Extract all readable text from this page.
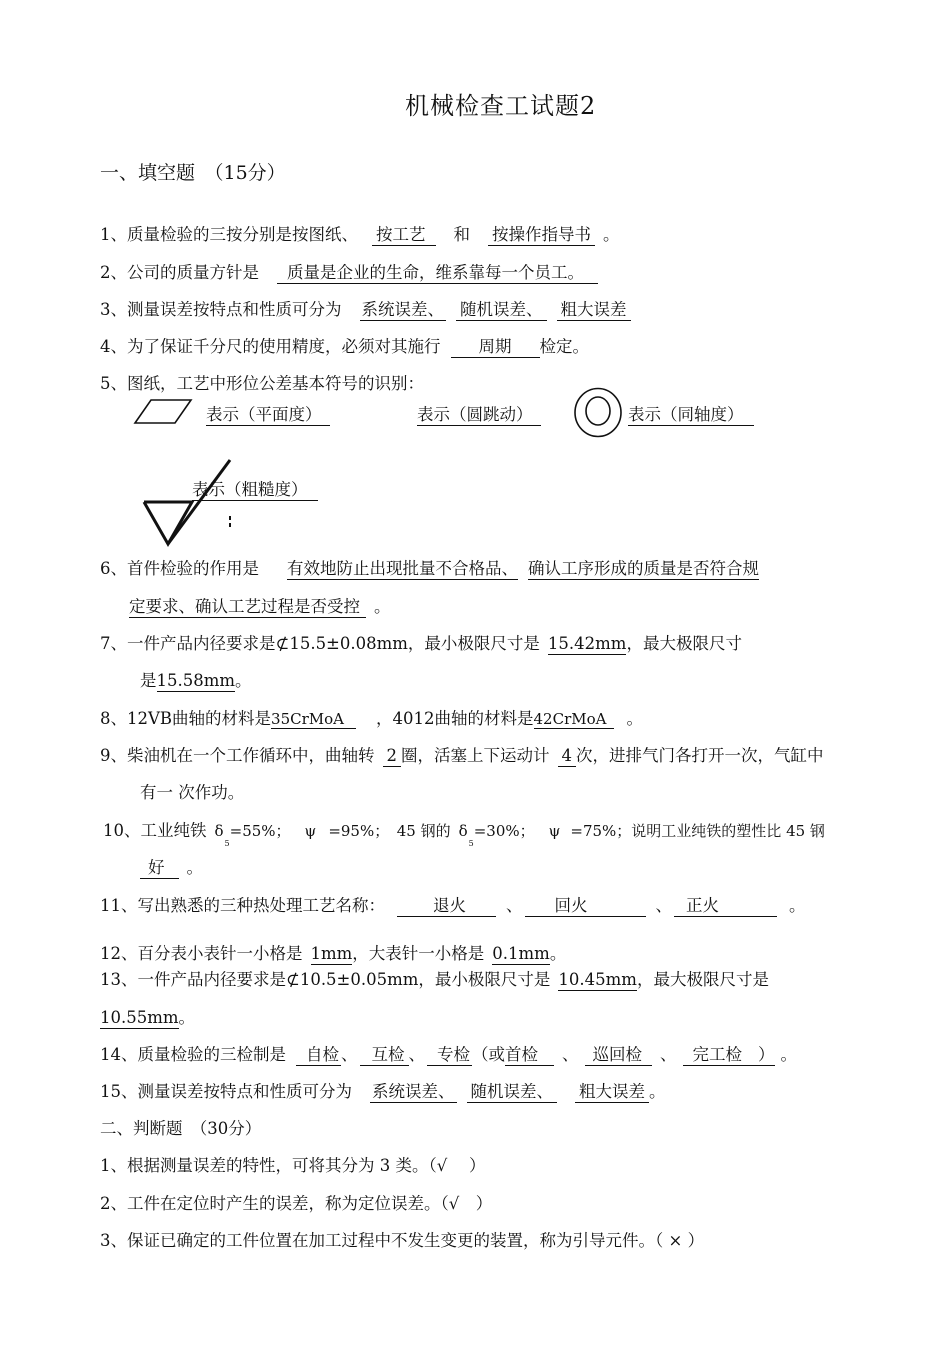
机械检查工试题2
一、填空题　（15分）
1、质量检验的三按分别是按图纸、 按工艺 和 按操作指导书 。
2、公司的质量方针是 质量是企业的生命，维系靠每一个员工。
3、测量误差按特点和性质可分为 系统误差、 随机误差、 粗大误差
4、为了保证千分尺的使用精度，必须对其施行 周期 检定。
5、图纸，工艺中形位公差基本符号的识别：
表示（平面度）	表示（圆跳动）	表示（同轴度）
表示（粗糙度）
6、首件检验的作用是 有效地防止出现批量不合格品、 确认工序形成的质量是否符合规
定要求、确认工艺过程是否受控 。
7、一件产品内径要求是⊄15.5±0.08mm，最小极限尺寸是 15.42mm，最大极限尺寸
是15.58mm。
8、12VB曲轴的材料是35CrMoA ，4012曲轴的材料是42CrMoA 。
9、柴油机在一个工作循环中，曲轴转 2 圈，活塞上下运动计 4 次，进排气门各打开一次，气缸中
有一 次作功。
10、工业纯铁 $\delta_5=55\%$； ψ =95%；　45 钢的 $\delta_5=30\%$； ψ =75%；说明工业纯铁的塑性比 45 钢
好 。
11、写出熟悉的三种热处理工艺名称：	退火 、 回火	、 正火	。
12、百分表小表针一小格是 1mm，大表针一小格是 0.1mm。
13、一件产品内径要求是⊄10.5±0.05mm，最小极限尺寸是 10.45mm，最大极限尺寸是
10.55mm。
14、质量检验的三检制是 自检 、 互检 、 专检 （或首检 、 巡回检 、 完工检 ） 。
15、测量误差按特点和性质可分为 系统误差、 随机误差、 粗大误差 。
二、判断题　（30分）
1、根据测量误差的特性，可将其分为 3 类。（√　 ）
2、工件在定位时产生的误差，称为定位误差。（√　）
3、保证已确定的工件位置在加工过程中不发生变更的装置，称为引导元件。（ × ）
